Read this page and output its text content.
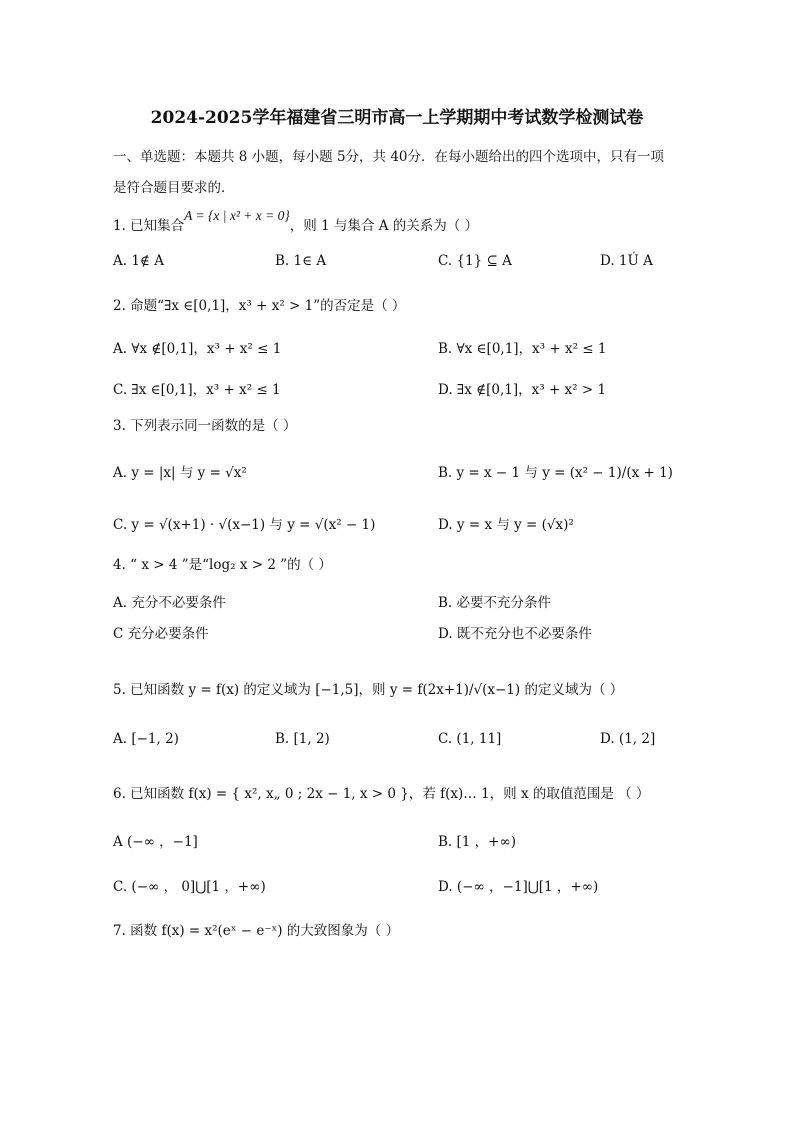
2024-2025学年福建省三明市高一上学期期中考试数学检测试卷
一、单选题：本题共 8 小题，每小题 5分，共 40分．在每小题给出的四个选项中，只有一项
是符合题目要求的．
1. 已知集合A = {x | x² + x = 0}，则 1 与集合 A 的关系为（ ）
A. 1∉ A	B. 1∈ A	C. {1} ⊆ A	D. 1Ú A
2. 命题“∃x ∈[0,1]，x³ + x² > 1”的否定是（ ）
A. ∀x ∉[0,1]，x³ + x² ≤ 1	B. ∀x ∈[0,1]，x³ + x² ≤ 1
C. ∃x ∈[0,1]，x³ + x² ≤ 1	D. ∃x ∉[0,1]，x³ + x² > 1
3. 下列表示同一函数的是（ ）
A. y = |x| 与 y = √x²	B. y = x − 1 与 y = (x² − 1)/(x + 1)
C. y = √(x+1) · √(x−1) 与 y = √(x² − 1)	D. y = x 与 y = (√x)²
4. “ x > 4 ”是“log₂ x > 2 ”的（ ）
A. 充分不必要条件	B. 必要不充分条件
C 充分必要条件	D. 既不充分也不必要条件
5. 已知函数 y = f(x) 的定义域为 [−1,5]，则 y = f(2x+1)/√(x−1) 的定义域为（ ）
A. [−1, 2)	B. [1, 2)	C. (1, 11]	D. (1, 2]
6. 已知函数 f(x) = { x², x„ 0 ; 2x − 1, x > 0 }，若 f(x)… 1，则 x 的取值范围是 （ ）
A (−∞ ，−1]	B. [1 ，+∞)
C. (−∞ ， 0]⋃[1 ，+∞)	D. (−∞ ，−1]⋃[1 ，+∞)
7. 函数 f(x) = x²(eˣ − e⁻ˣ) 的大致图象为（ ）
